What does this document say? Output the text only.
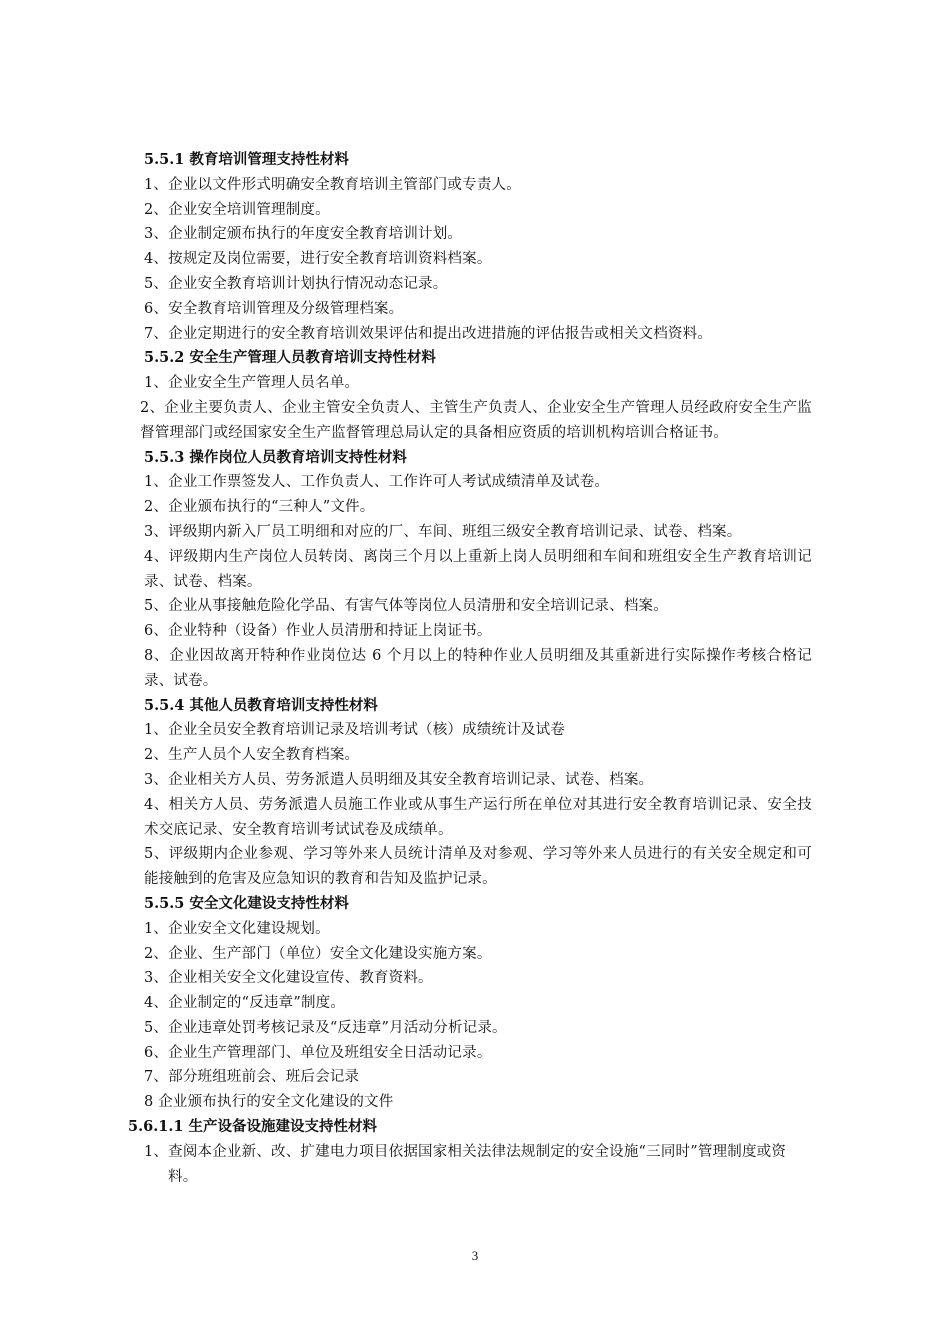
5.5.1 教育培训管理支持性材料
1、企业以文件形式明确安全教育培训主管部门或专责人。
2、企业安全培训管理制度。
3、企业制定颁布执行的年度安全教育培训计划。
4、按规定及岗位需要，进行安全教育培训资料档案。
5、企业安全教育培训计划执行情况动态记录。
6、安全教育培训管理及分级管理档案。
7、企业定期进行的安全教育培训效果评估和提出改进措施的评估报告或相关文档资料。
5.5.2 安全生产管理人员教育培训支持性材料
1、企业安全生产管理人员名单。
2、企业主要负责人、企业主管安全负责人、主管生产负责人、企业安全生产管理人员经政府安全生产监督管理部门或经国家安全生产监督管理总局认定的具备相应资质的培训机构培训合格证书。
5.5.3 操作岗位人员教育培训支持性材料
1、企业工作票签发人、工作负责人、工作许可人考试成绩清单及试卷。
2、企业颁布执行的“三种人”文件。
3、评级期内新入厂员工明细和对应的厂、车间、班组三级安全教育培训记录、试卷、档案。
4、评级期内生产岗位人员转岗、离岗三个月以上重新上岗人员明细和车间和班组安全生产教育培训记录、试卷、档案。
5、企业从事接触危险化学品、有害气体等岗位人员清册和安全培训记录、档案。
6、企业特种（设备）作业人员清册和持证上岗证书。
8、企业因故离开特种作业岗位达 6 个月以上的特种作业人员明细及其重新进行实际操作考核合格记录、试卷。
5.5.4 其他人员教育培训支持性材料
1、企业全员安全教育培训记录及培训考试（核）成绩统计及试卷
2、生产人员个人安全教育档案。
3、企业相关方人员、劳务派遣人员明细及其安全教育培训记录、试卷、档案。
4、相关方人员、劳务派遣人员施工作业或从事生产运行所在单位对其进行安全教育培训记录、安全技术交底记录、安全教育培训考试试卷及成绩单。
5、评级期内企业参观、学习等外来人员统计清单及对参观、学习等外来人员进行的有关安全规定和可能接触到的危害及应急知识的教育和告知及监护记录。
5.5.5 安全文化建设支持性材料
1、企业安全文化建设规划。
2、企业、生产部门（单位）安全文化建设实施方案。
3、企业相关安全文化建设宣传、教育资料。
4、企业制定的“反违章”制度。
5、企业违章处罚考核记录及“反违章”月活动分析记录。
6、企业生产管理部门、单位及班组安全日活动记录。
7、部分班组班前会、班后会记录
8 企业颁布执行的安全文化建设的文件
5.6.1.1 生产设备设施建设支持性材料
1、查阅本企业新、改、扩建电力项目依据国家相关法律法规制定的安全设施“三同时”管理制度或资料。
3
